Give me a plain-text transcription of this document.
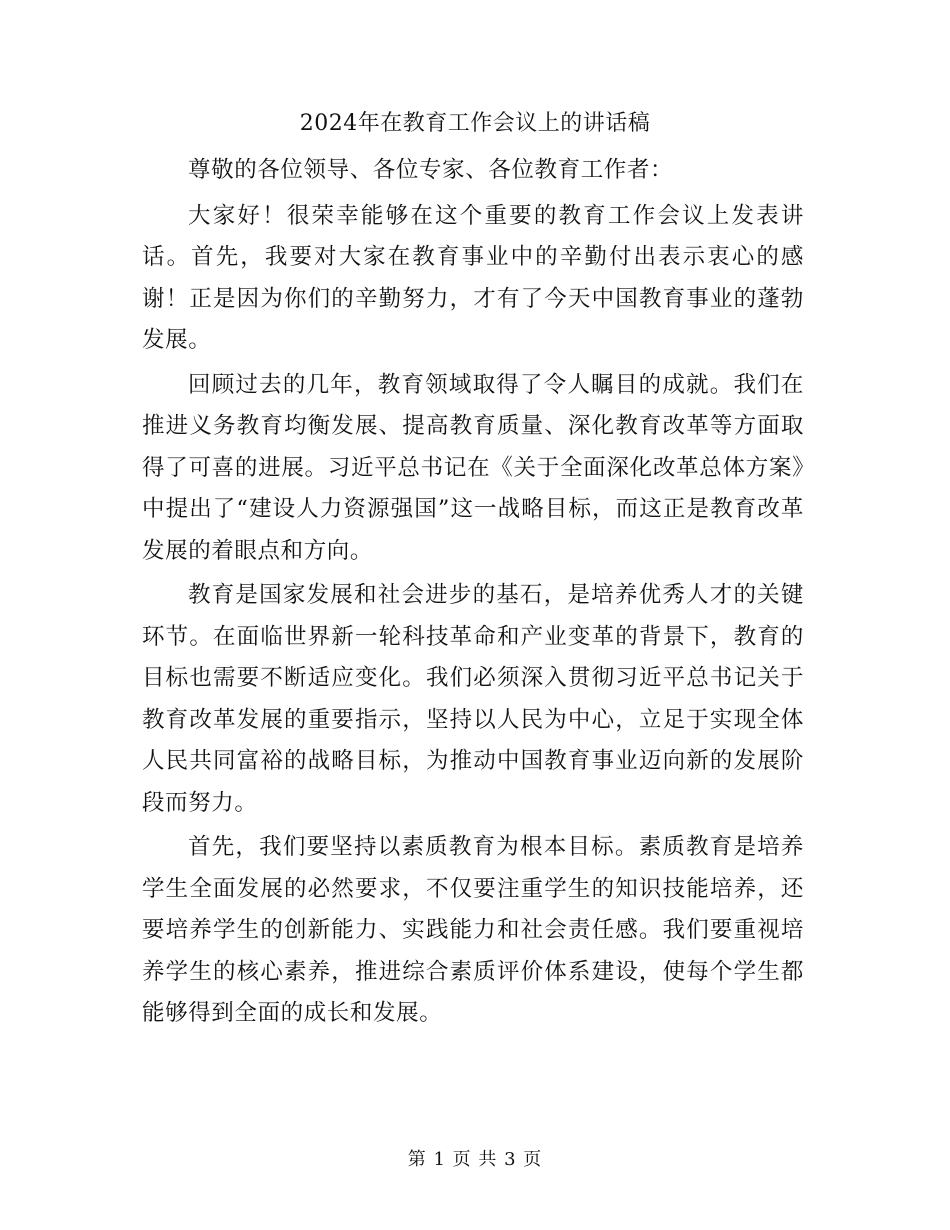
2024年在教育工作会议上的讲话稿

尊敬的各位领导、各位专家、各位教育工作者：

大家好！很荣幸能够在这个重要的教育工作会议上发表讲话。首先，我要对大家在教育事业中的辛勤付出表示衷心的感谢！正是因为你们的辛勤努力，才有了今天中国教育事业的蓬勃发展。

回顾过去的几年，教育领域取得了令人瞩目的成就。我们在推进义务教育均衡发展、提高教育质量、深化教育改革等方面取得了可喜的进展。习近平总书记在《关于全面深化改革总体方案》中提出了“建设人力资源强国”这一战略目标，而这正是教育改革发展的着眼点和方向。

教育是国家发展和社会进步的基石，是培养优秀人才的关键环节。在面临世界新一轮科技革命和产业变革的背景下，教育的目标也需要不断适应变化。我们必须深入贯彻习近平总书记关于教育改革发展的重要指示，坚持以人民为中心，立足于实现全体人民共同富裕的战略目标，为推动中国教育事业迈向新的发展阶段而努力。

首先，我们要坚持以素质教育为根本目标。素质教育是培养学生全面发展的必然要求，不仅要注重学生的知识技能培养，还要培养学生的创新能力、实践能力和社会责任感。我们要重视培养学生的核心素养，推进综合素质评价体系建设，使每个学生都能够得到全面的成长和发展。

第 1 页 共 3 页
